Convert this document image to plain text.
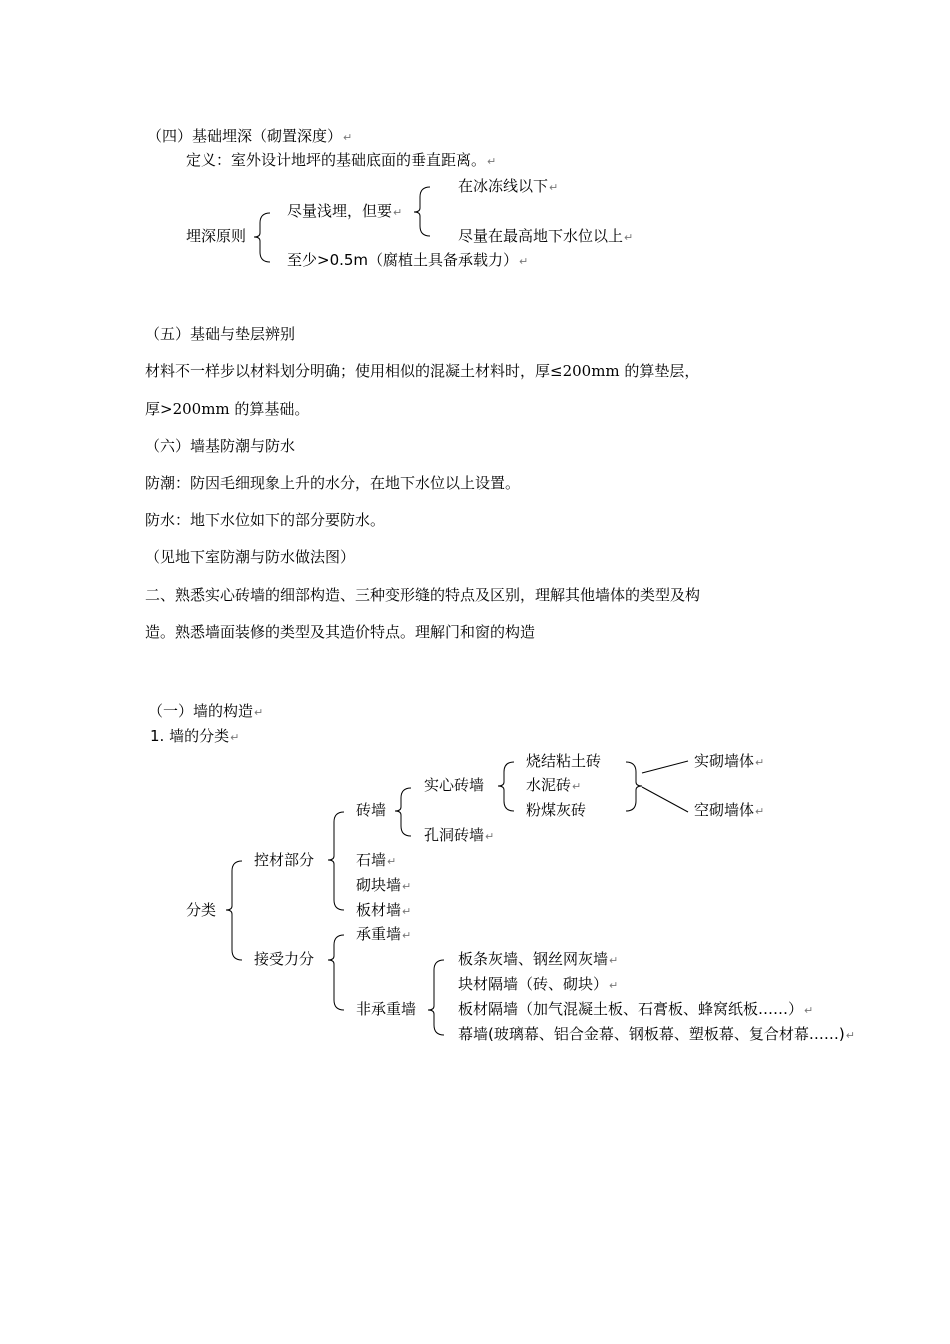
（四）基础埋深（砌置深度）↵
定义：室外设计地坪的基础底面的垂直距离。↵
在冰冻线以下↵
尽量浅埋，但要↵
埋深原则	尽量在最高地下水位以上↵
至少>0.5m（腐植土具备承载力）↵
（五）基础与垫层辨别
材料不一样步以材料划分明确；使用相似的混凝土材料时，厚≤200mm 的算垫层，
厚>200mm 的算基础。
（六）墙基防潮与防水
防潮：防因毛细现象上升的水分，在地下水位以上设置。
防水：地下水位如下的部分要防水。
（见地下室防潮与防水做法图）
二、熟悉实心砖墙的细部构造、三种变形缝的特点及区别，理解其他墙体的类型及构
造。熟悉墙面装修的类型及其造价特点。理解门和窗的构造
（一）墙的构造↵
1. 墙的分类↵
烧结粘土砖	实砌墙体↵
实心砖墙	水泥砖↵
砖墙	粉煤灰砖	空砌墙体↵
孔洞砖墙↵
控材部分	石墙↵
砌块墙↵
分类	板材墙↵
承重墙↵
接受力分	板条灰墙、钢丝网灰墙↵
块材隔墙（砖、砌块）↵
非承重墙	板材隔墙（加气混凝土板、石膏板、蜂窝纸板……）↵
幕墙(玻璃幕、铝合金幕、钢板幕、塑板幕、复合材幕……)↵
